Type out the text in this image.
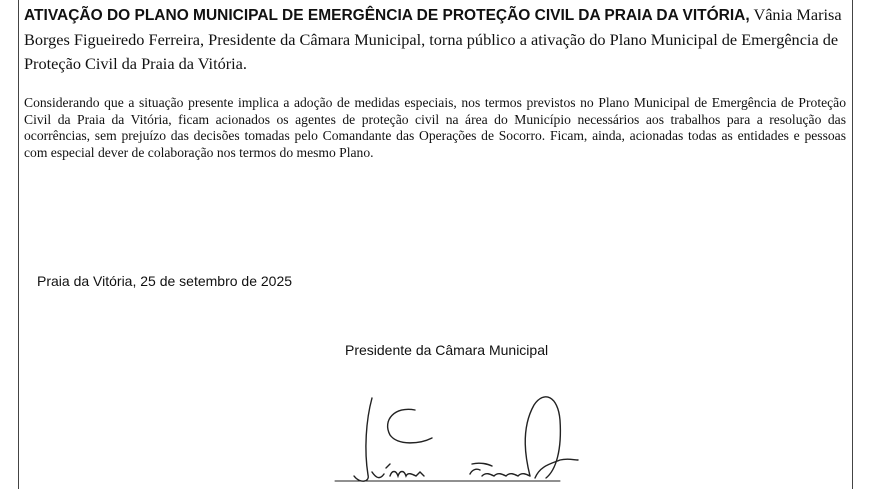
ATIVAÇÃO DO PLANO MUNICIPAL DE EMERGÊNCIA DE PROTEÇÃO CIVIL DA PRAIA DA VITÓRIA, Vânia Marisa Borges Figueiredo Ferreira, Presidente da Câmara Municipal, torna público a ativação do Plano Municipal de Emergência de Proteção Civil da Praia da Vitória.
Considerando que a situação presente implica a adoção de medidas especiais, nos termos previstos no Plano Municipal de Emergência de Proteção Civil da Praia da Vitória, ficam acionados os agentes de proteção civil na área do Município necessários aos trabalhos para a resolução das ocorrências, sem prejuízo das decisões tomadas pelo Comandante das Operações de Socorro. Ficam, ainda, acionadas todas as entidades e pessoas com especial dever de colaboração nos termos do mesmo Plano.
Praia da Vitória, 25 de setembro de 2025
Presidente da Câmara Municipal
